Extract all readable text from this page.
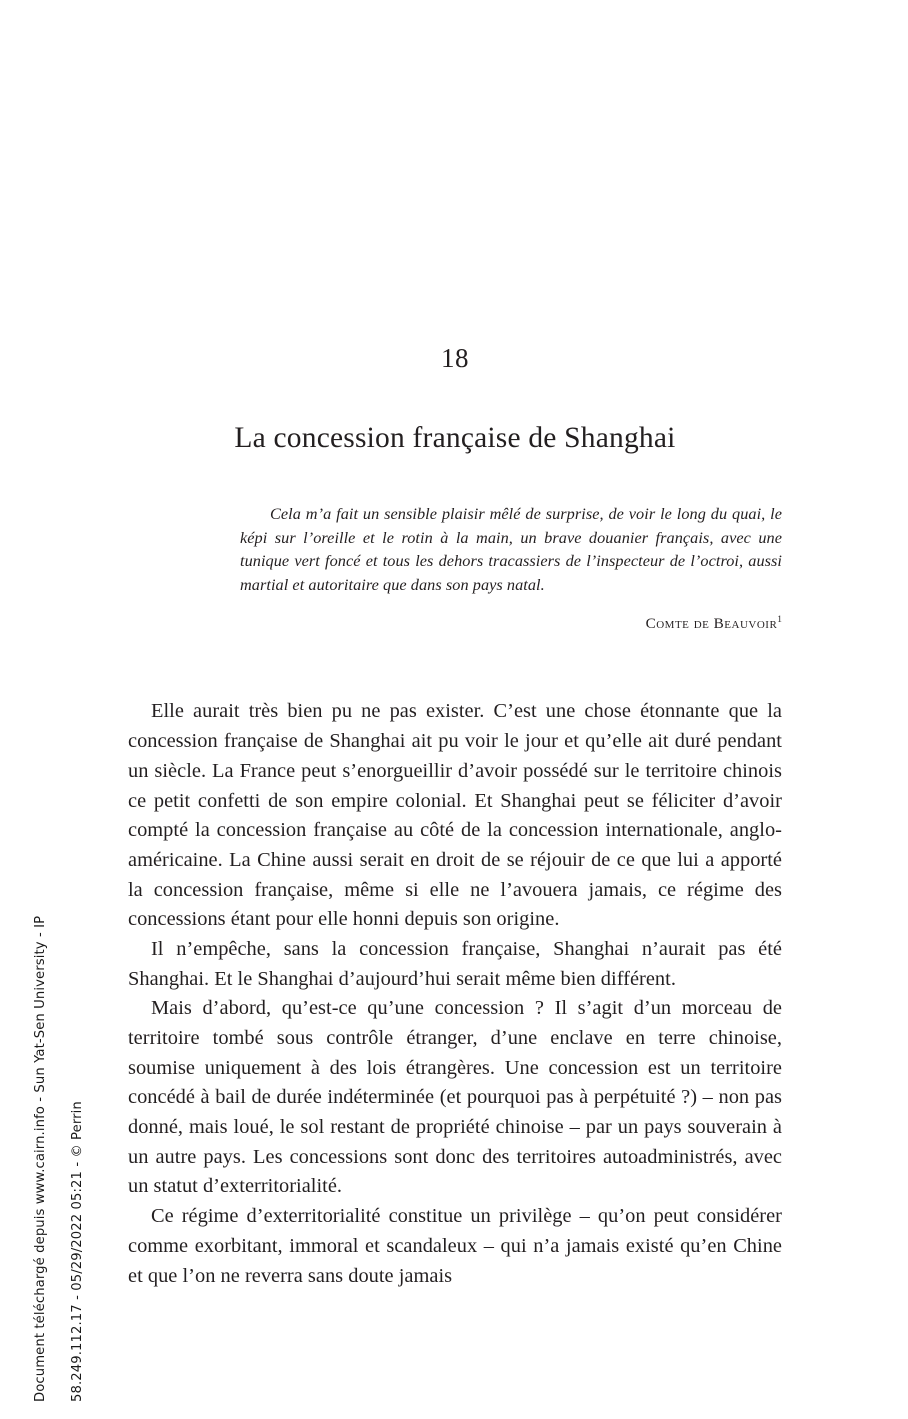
Document téléchargé depuis www.cairn.info - Sun Yat-Sen University - IP 58.249.112.17 - 05/29/2022 05:21 - © Perrin
18
La concession française de Shanghai

Cela m’a fait un sensible plaisir mêlé de surprise, de voir le long du quai, le képi sur l’oreille et le rotin à la main, un brave douanier français, avec une tunique vert foncé et tous les dehors tracassiers de l’inspecteur de l’octroi, aussi martial et autoritaire que dans son pays natal.

Comte de Beauvoir$^1$

Elle aurait très bien pu ne pas exister. C’est une chose étonnante que la concession française de Shanghai ait pu voir le jour et qu’elle ait duré pendant un siècle. La France peut s’enorgueillir d’avoir possédé sur le territoire chinois ce petit confetti de son empire colonial. Et Shanghai peut se féliciter d’avoir compté la concession française au côté de la concession internationale, anglo-américaine. La Chine aussi serait en droit de se réjouir de ce que lui a apporté la concession française, même si elle ne l’avouera jamais, ce régime des concessions étant pour elle honni depuis son origine.

Il n’empêche, sans la concession française, Shanghai n’aurait pas été Shanghai. Et le Shanghai d’aujourd’hui serait même bien différent.

Mais d’abord, qu’est-ce qu’une concession ? Il s’agit d’un morceau de territoire tombé sous contrôle étranger, d’une enclave en terre chinoise, soumise uniquement à des lois étrangères. Une concession est un territoire concédé à bail de durée indéterminée (et pourquoi pas à perpétuité ?) – non pas donné, mais loué, le sol restant de propriété chinoise – par un pays souverain à un autre pays. Les concessions sont donc des territoires autoadministrés, avec un statut d’exterritorialité.

Ce régime d’exterritorialité constitue un privilège – qu’on peut considérer comme exorbitant, immoral et scandaleux – qui n’a jamais existé qu’en Chine et que l’on ne reverra sans doute jamais
